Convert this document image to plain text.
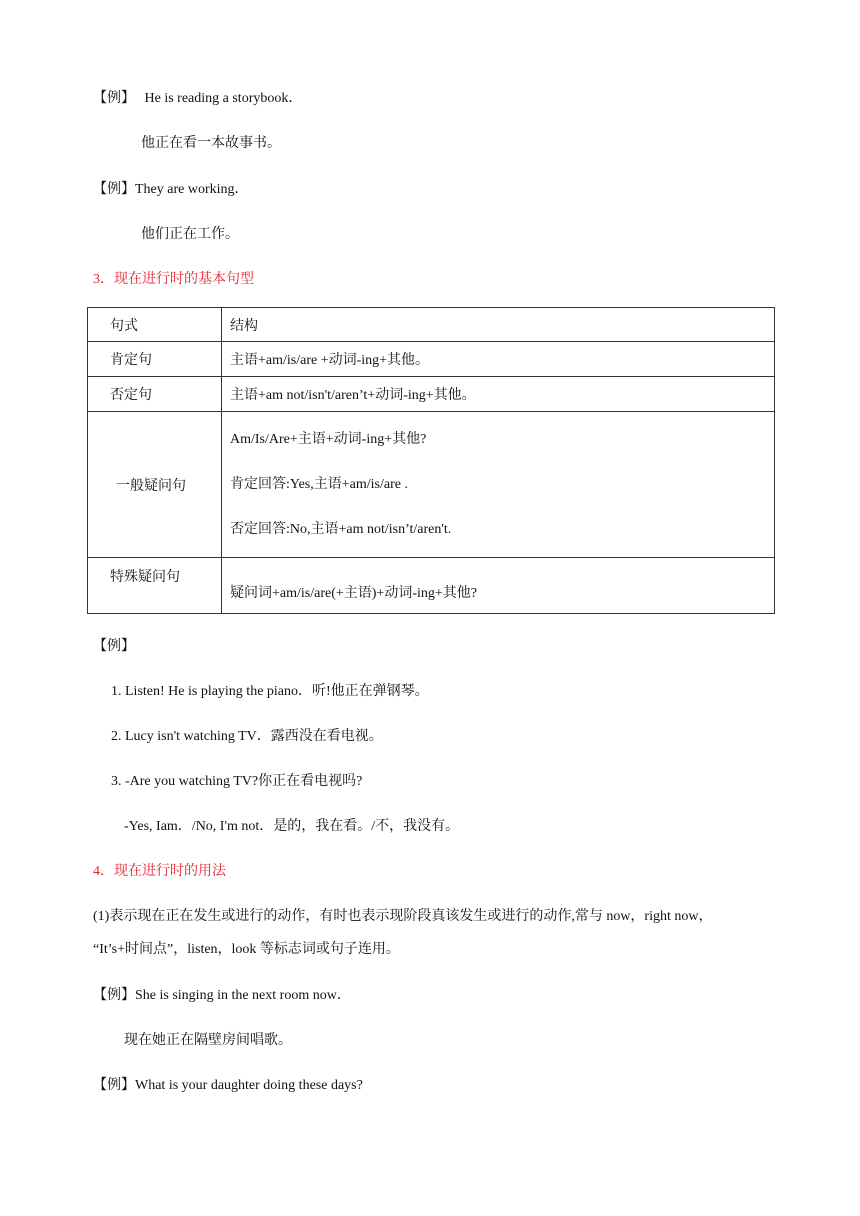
【例】 He is reading a storybook．
他正在看一本故事书。
【例】They are working．
他们正在工作。
3．现在进行时的基本句型
句式	结构
肯定句	主语+am/is/are +动词-ing+其他。
否定句	主语+am not/isn't/aren’t+动词-ing+其他。
一般疑问句	Am/Is/Are+主语+动词-ing+其他?
肯定回答:Yes,主语+am/is/are .
否定回答:No,主语+am not/isn’t/aren't.

特殊疑问句	疑问词+am/is/are(+主语)+动词-ing+其他?
【例】
1. Listen! He is playing the piano．听!他正在弹钢琴。
2. Lucy isn't watching TV．露西没在看电视。
3. -Are you watching TV?你正在看电视吗?
-Yes, Iam．/No, I'm not．是的，我在看。/不，我没有。
4．现在进行时的用法
(1)表示现在正在发生或进行的动作，有时也表示现阶段真该发生或进行的动作,常与 now，right now，
“It’s+时间点”，listen，look 等标志词或句子连用。
【例】She is singing in the next room now．
现在她正在隔壁房间唱歌。
【例】What is your daughter doing these days?
